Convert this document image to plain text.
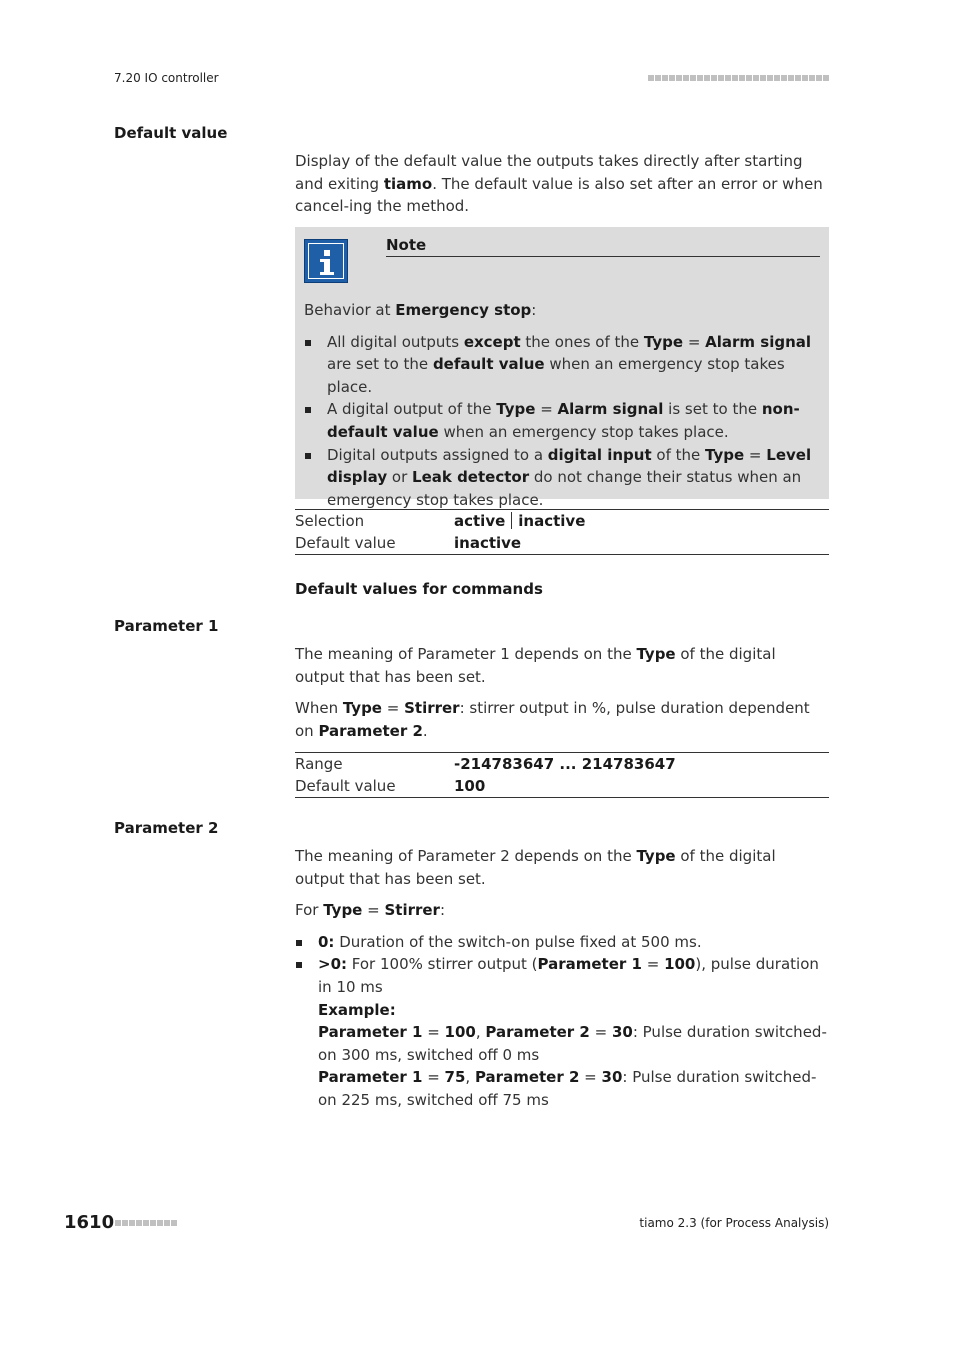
7.20 IO controller
Default value

Display of the default value the outputs takes directly after starting and exiting tiamo. The default value is also set after an error or when cancel-ing the method.

Note

Behavior at Emergency stop:

All digital outputs except the ones of the Type = Alarm signal are set to the default value when an emergency stop takes place.
A digital output of the Type = Alarm signal is set to the non-default value when an emergency stop takes place.
Digital outputs assigned to a digital input of the Type = Level display or Leak detector do not change their status when an emergency stop takes place.
Selection	active inactive
Default value	inactive
Default values for commands
Parameter 1

The meaning of Parameter 1 depends on the Type of the digital output that has been set.

When Type = Stirrer: stirrer output in %, pulse duration dependent on Parameter 2.

Range	-214783647 ... 214783647
Default value	100
Parameter 2

The meaning of Parameter 2 depends on the Type of the digital output that has been set.

For Type = Stirrer:

0: Duration of the switch-on pulse fixed at 500 ms.
>0: For 100% stirrer output (Parameter 1 = 100), pulse duration in 10 ms
Example:
Parameter 1 = 100, Parameter 2 = 30: Pulse duration switched-on 300 ms, switched off 0 ms
Parameter 1 = 75, Parameter 2 = 30: Pulse duration switched-on 225 ms, switched off 75 ms
1610	tiamo 2.3 (for Process Analysis)
